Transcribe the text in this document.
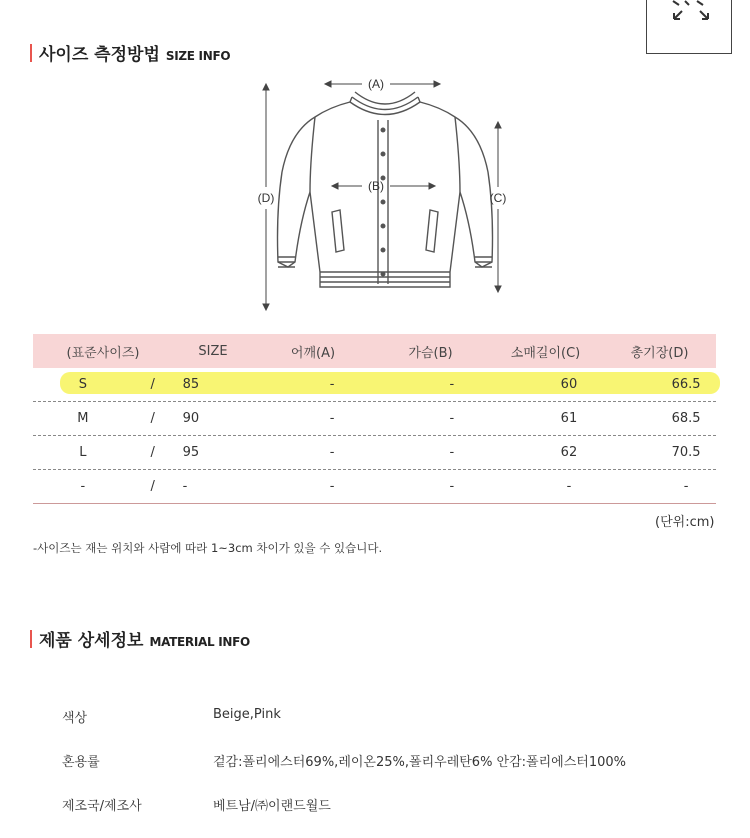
사이즈 측정방법 SIZE INFO
(A)
(B)
(D)	(C)
(표준사이즈)	SIZE	어깨(A)	가슴(B)	소매길이(C)	총기장(D)
S	/	85	-	-	60	66.5
M	/	90	-	-	61	68.5
L	/	95	-	-	62	70.5
-	/	-	-	-	-	-
(단위:cm)
-사이즈는 재는 위치와 사람에 따라 1~3cm 차이가 있을 수 있습니다.
제품 상세정보 MATERIAL INFO
색상	Beige,Pink
혼용률	겉감:폴리에스터69%,레이온25%,폴리우레탄6% 안감:폴리에스터100%
제조국/제조사	베트남/㈜이랜드월드
